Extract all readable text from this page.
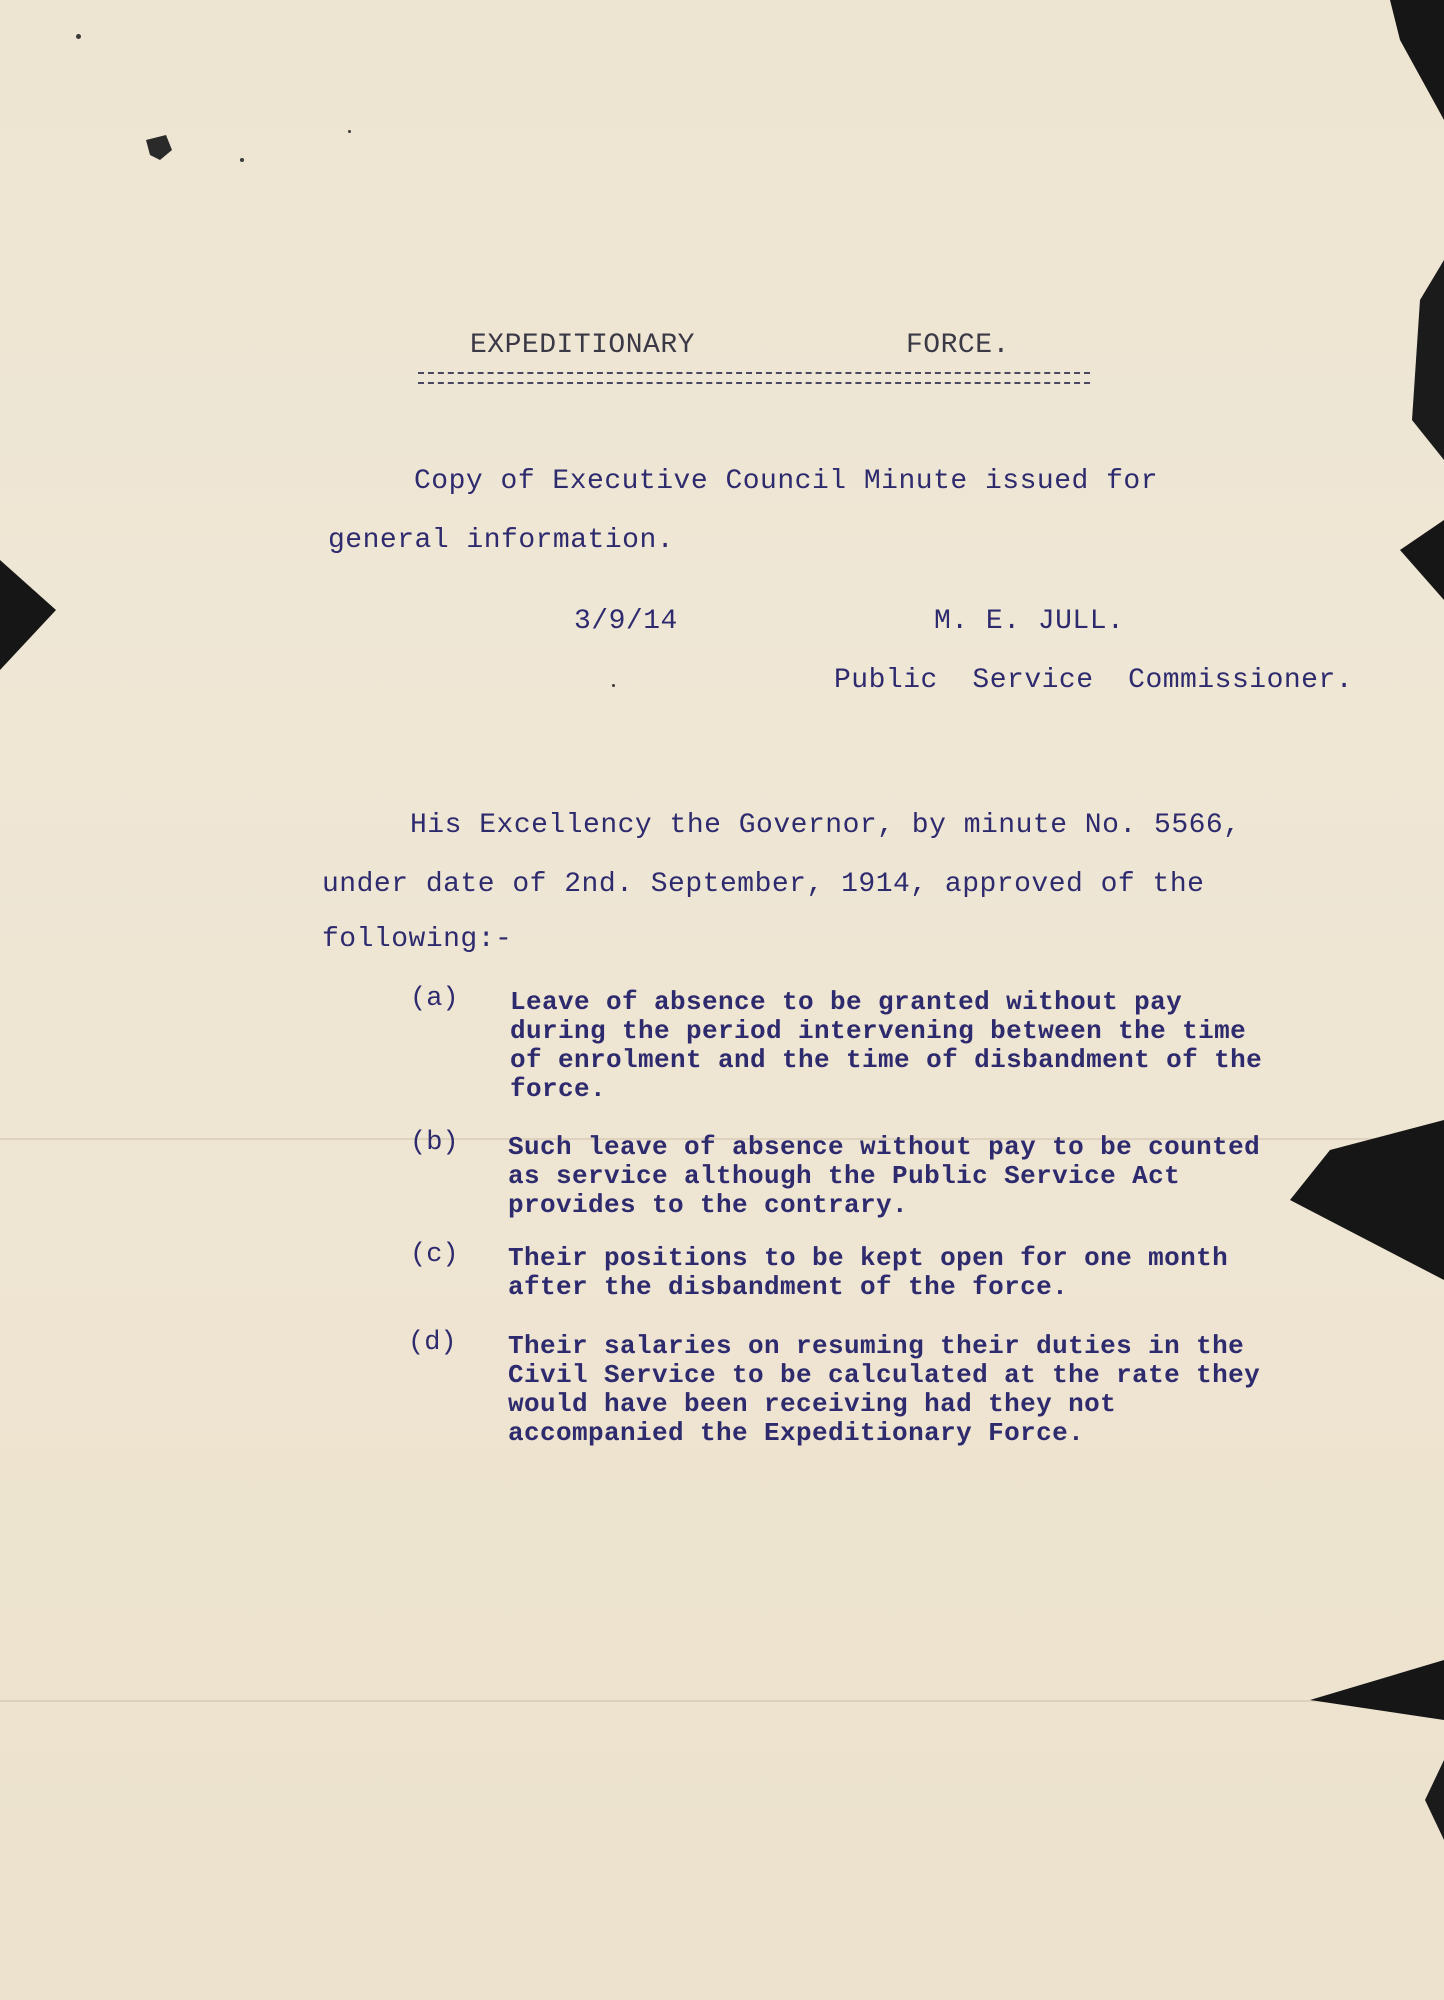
EXPEDITIONARY	FORCE.
Copy of Executive Council Minute issued for
general information.
3/9/14	M. E. JULL.
Public  Service  Commissioner.
His Excellency the Governor, by minute No. 5566,
under date of 2nd. September, 1914, approved of the
following:-
(a) Leave of absence to be granted without pay during the period intervening between the time of enrolment and the time of disbandment of the force.
(b) Such leave of absence without pay to be counted as service although the Public Service Act provides to the contrary.
(c) Their positions to be kept open for one month after the disbandment of the force.
(d) Their salaries on resuming their duties in the Civil Service to be calculated at the rate they would have been receiving had they not accompanied the Expeditionary Force.
